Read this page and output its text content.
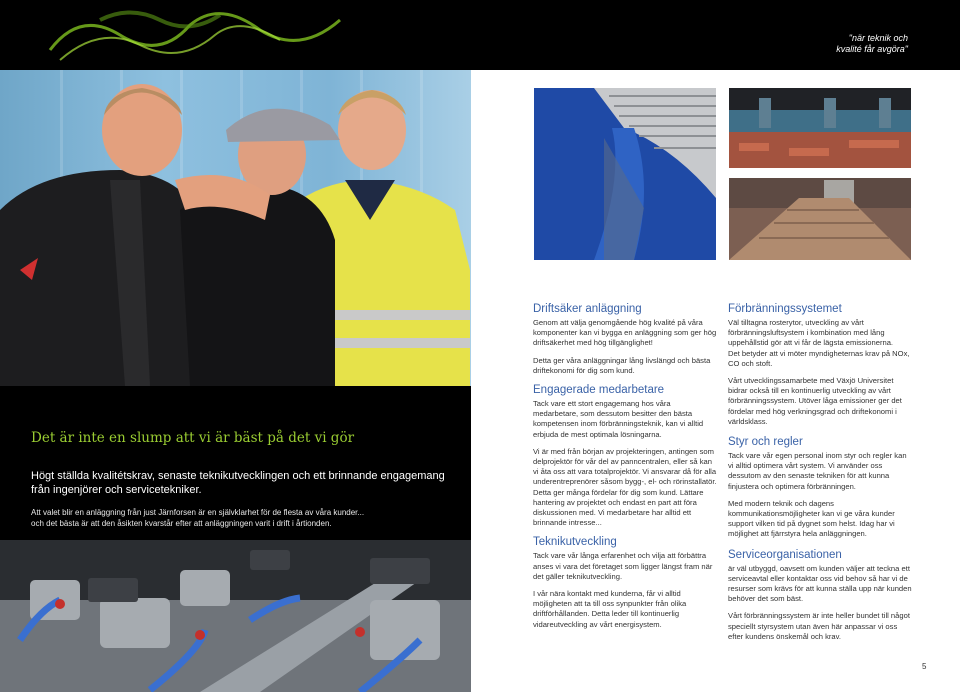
Det är inte en slump att vi är bäst på det vi gör
Högt ställda kvalitétskrav, senaste teknikutvecklingen och ett brinnande engagemang från ingenjörer och servicetekniker.
Att valet blir en anläggning från just Järnforsen är en självklarhet för de flesta av våra kunder...
och det bästa är att den åsikten kvarstår efter att anläggningen varit i drift i årtionden.
"när teknik och
kvalité får avgöra"
Driftsäker anläggning

Genom att välja genomgående hög kvalité på våra komponenter kan vi bygga en anläggning som ger hög driftsäkerhet med hög tillgänglighet!

Detta ger våra anläggningar lång livslängd och bästa driftekonomi för dig som kund.

Engagerade medarbetare

Tack vare ett stort engagemang hos våra medarbetare, som dessutom besitter den bästa kompetensen inom förbränningsteknik, kan vi alltid erbjuda de mest optimala lösningarna.

Vi är med från början av projekteringen, antingen som delprojektör för vår del av panncentralen, eller så kan vi åta oss att vara totalprojektör. Vi ansvarar då för alla underentreprenörer såsom bygg-, el- och rörinstallatör. Detta ger många fördelar för dig som kund. Lättare hantering av projektet och endast en part att föra diskussionen med. Vi medarbetare har alltid ett brinnande intresse...

Teknikutveckling

Tack vare vår långa erfarenhet och vilja att förbättra anses vi vara det företaget som ligger längst fram när det gäller teknikutveckling.

I vår nära kontakt med kunderna, får vi alltid möjligheten att ta till oss synpunkter från olika driftförhållanden. Detta leder till kontinuerlig vidareutveckling av vårt energisystem.

Förbränningssystemet

Väl tilltagna rosterytor, utveckling av vårt förbränningsluftsystem i kombination med lång uppehållstid gör att vi får de lägsta emissionerna.

Det betyder att vi möter myndigheternas krav på NOx, CO och stoft.

Vårt utvecklingssamarbete med Växjö Universitet bidrar också till en kontinuerlig utveckling av vårt förbränningssystem. Utöver låga emissioner ger det fördelar med hög verkningsgrad och driftekonomi i världsklass.

Styr och regler

Tack vare vår egen personal inom styr och regler kan vi alltid optimera vårt system. Vi använder oss dessutom av den senaste tekniken för att kunna finjustera och optimera förbränningen.

Med modern teknik och dagens kommunikationsmöjligheter kan vi ge våra kunder support vilken tid på dygnet som helst. Idag har vi möjlighet att fjärrstyra hela anläggningen.

Serviceorganisationen

är väl utbyggd, oavsett om kunden väljer att teckna ett serviceavtal eller kontaktar oss vid behov så har vi de resurser som krävs för att kunna ställa upp när kunden behöver det som bäst.

Vårt förbränningssystem är inte heller bundet till något speciellt styrsystem utan även här anpassar vi oss efter kundens önskemål och krav.

5
